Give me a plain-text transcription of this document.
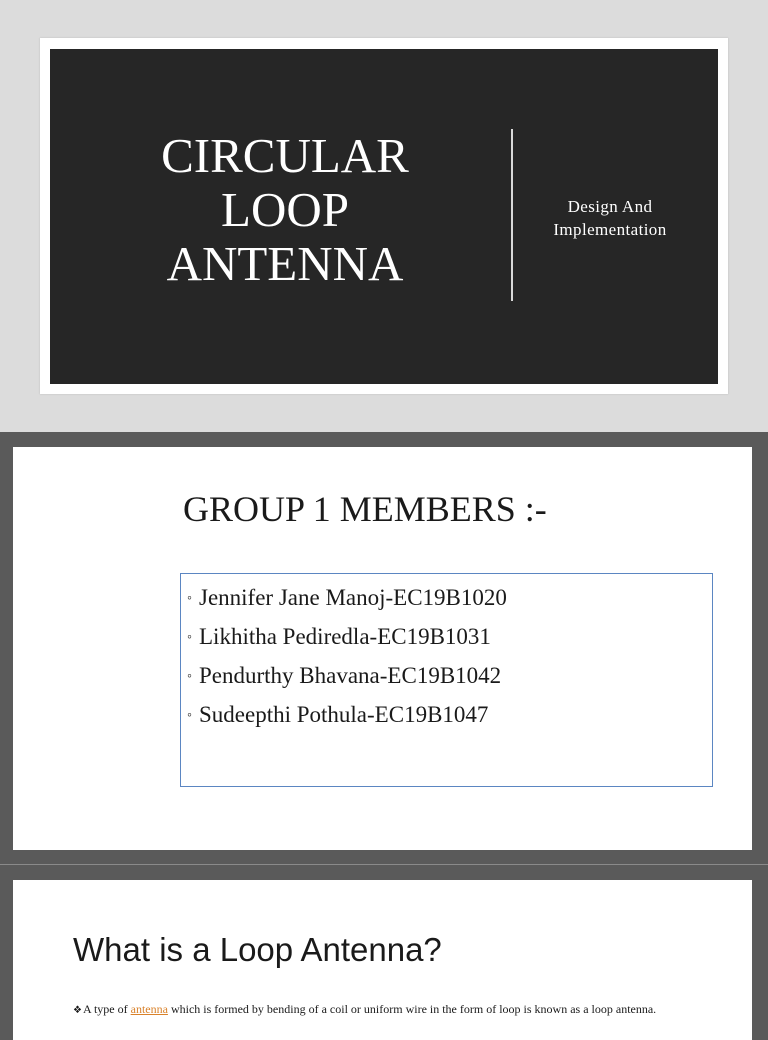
CIRCULAR
LOOP
ANTENNA
Design And
Implementation
GROUP 1 MEMBERS :-
◦ Jennifer Jane Manoj-EC19B1020
◦ Likhitha Pediredla-EC19B1031
◦ Pendurthy Bhavana-EC19B1042
◦ Sudeepthi Pothula-EC19B1047
What is a Loop Antenna?
❖A type of antenna which is formed by bending of a coil or uniform wire in the form of loop is known as a loop antenna.
